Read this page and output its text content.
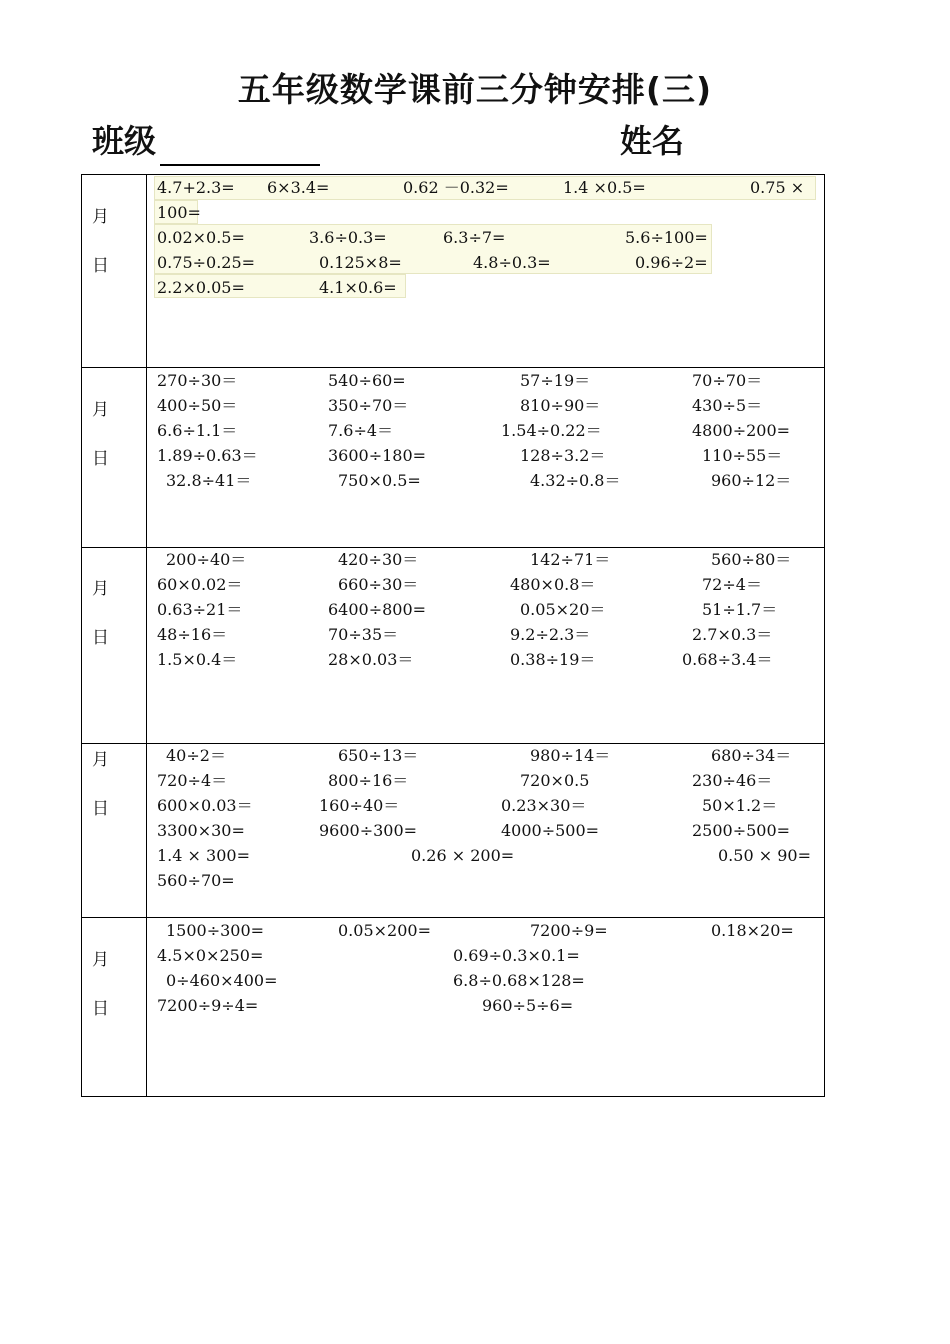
五年级数学课前三分钟安排(三)
班级	姓名
月
日
月
日
月
日
月
日
月
日
4.7+2.3= 6×3.4=	0.62 －0.32=	1.4 ×0.5=	0.75 ×
100=
0.02×0.5=	3.6÷0.3=	6.3÷7=	5.6÷100=
0.75÷0.25=	0.125×8=	4.8÷0.3=	0.96÷2=
2.2×0.05=	4.1×0.6=
270÷30＝	540÷60=	57÷19＝	70÷70＝
400÷50＝	350÷70＝	810÷90＝	430÷5＝
6.6÷1.1＝	7.6÷4＝	1.54÷0.22＝	4800÷200=
1.89÷0.63＝	3600÷180=	128÷3.2＝	110÷55＝
32.8÷41＝	750×0.5=	4.32÷0.8＝	960÷12＝
200÷40＝	420÷30＝	142÷71＝	560÷80＝
60×0.02＝	660÷30＝	480×0.8＝	72÷4＝
0.63÷21＝	6400÷800=	0.05×20＝	51÷1.7＝
48÷16＝	70÷35＝	9.2÷2.3＝	2.7×0.3＝
1.5×0.4＝	28×0.03＝	0.38÷19＝	0.68÷3.4＝
40÷2＝	650÷13＝	980÷14＝	680÷34＝
720÷4＝	800÷16＝	720×0.5	230÷46＝
600×0.03＝	160÷40＝	0.23×30＝	50×1.2＝
3300×30=	9600÷300=	4000÷500=	2500÷500=
1.4 × 300=	0.26 × 200=	0.50 × 90=
560÷70=
1500÷300=	0.05×200=	7200÷9=	0.18×20=
4.5×0×250=	0.69÷0.3×0.1=
0÷460×400=	6.8÷0.68×128=
7200÷9÷4=	960÷5÷6=
